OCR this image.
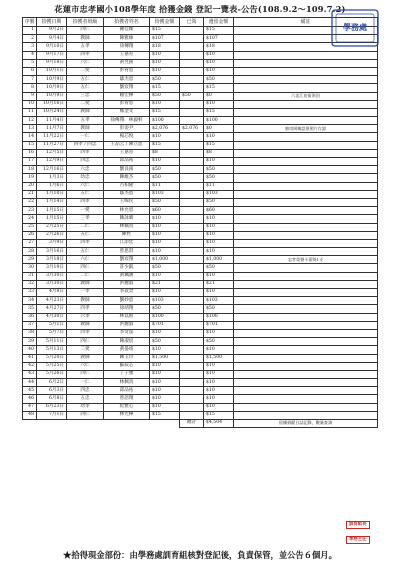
花蓮市忠孝國小108學年度 拾獲金錢 登記一覽表-公告(108.9.2～109.7.2)
序號	拾獲日期	拾獲者班級	拾獲者姓名	拾獲金額	已領	遺留金額	備註
1	9月2日	四仁	鍾佳臻	$15		$15	
2	9月4日	教師	陳雅絲	$107		$107	
3	9月10日	五孝	徐傳翔	$18		$18	
4	9月17日	四孝	王嘉育	$10		$10	
5	9月18日	六仁	黃昱銘	$10		$10	
6	10月1日	二愛	彭宥恩	$10		$10	
7	10月9日	五仁	鄒杰恩	$50		$50	
8	10月9日	五仁	劉宸翔	$15		$15	
9	10月9日	三忠	賴宏樺	$50	$50	$0	六忠江宸街領回
10	10月16日	二愛	彭宥恩	$10		$10	
11	10月24日	教師	鄭金文	$15		$15	
12	11月4日	五孝	徐傳翔．林毅軒	$100		$100	
13	11月7日	教師	彭姿尹	$2,076	$2,076	$0	廚房阿姨認領照片存證
14	11月22日	一仁	楊芯悅	$10		$10	
15	11月27日	四孝 / 四忠	王品云 / 陳立恩	$15		$15	
16	12月5日	四孝	王嘉育	$8		$8	
17	12月9日	四忠	邱品祐	$10		$10	
18	12月16日	六忠	劉良錆	$50		$50	
19	1月3日	幼忠	陳維杰	$50		$50	
20	1月6日	六仁	古柏隆	$11		$11	
21	1月10日	五仁	鄒杰恩	$103		$103	
22	1月14日	四孝	王晞民	$50		$50	
23	1月15日	一愛	林允恩	$60		$60	
24	1月15日	三孝	陳詠晴	$10		$10	
25	2月25日	二仁	林佩真	$10		$10	
26	2月26日	五仁	陳哲	$10		$10	
27	3月9日	四孝	江添廷	$10		$10	
28	3月16日	五仁	曾思淇	$10		$10	
29	3月18日	六仁	劉宸翔	$1,000		$1,000	忠孝榮譽卡嘉獎1支
30	3月19日	四仁	許少凱	$50		$50	
31	3月30日	二仁	黃珮涵	$10		$10	
32	3月30日	教師	洪麗淑	$21		$21	
33	4月8日	一孝	李玟萱	$10		$10	
34	4月23日	教師	劉妙恩	$103		$103	
35	4月27日	四孝	徐靖翔	$50		$50	
36	4月30日	六孝	林以姮	$100		$100	
37	5月1日	教師	洪麗淑	$701		$701	
38	5月7日	四孝	李奇泓	$10		$10	
39	5月11日	四仁	陳淑宸	$50		$50	
40	5月13日	二愛	黃晏靖	$10		$10	
41	5月20日	教師	陳玉玲	$1,500		$1,500	
42	5月25日	六仁	蘇辰芯	$10		$10	
43	5月26日	四仁	丁子雅	$10		$10	
44	6月2日	一仁	林佩真	$10		$10	
45	6月3日	四忠	邱品祐	$10		$10	
46	6月8日	五忠	曾語翔	$10		$10	
47	6月23日	幼孝	紀雅心	$10		$10	
48	7月1日	四仁	林光樺	$15		$15	
					總計	$4,504	依據捐獻日誌記錄，數量查詢
學務處
訓育組長
學務主任
★拾得現金部份：由學務處訓育組核對登記後，負責保管，並公告６個月。
